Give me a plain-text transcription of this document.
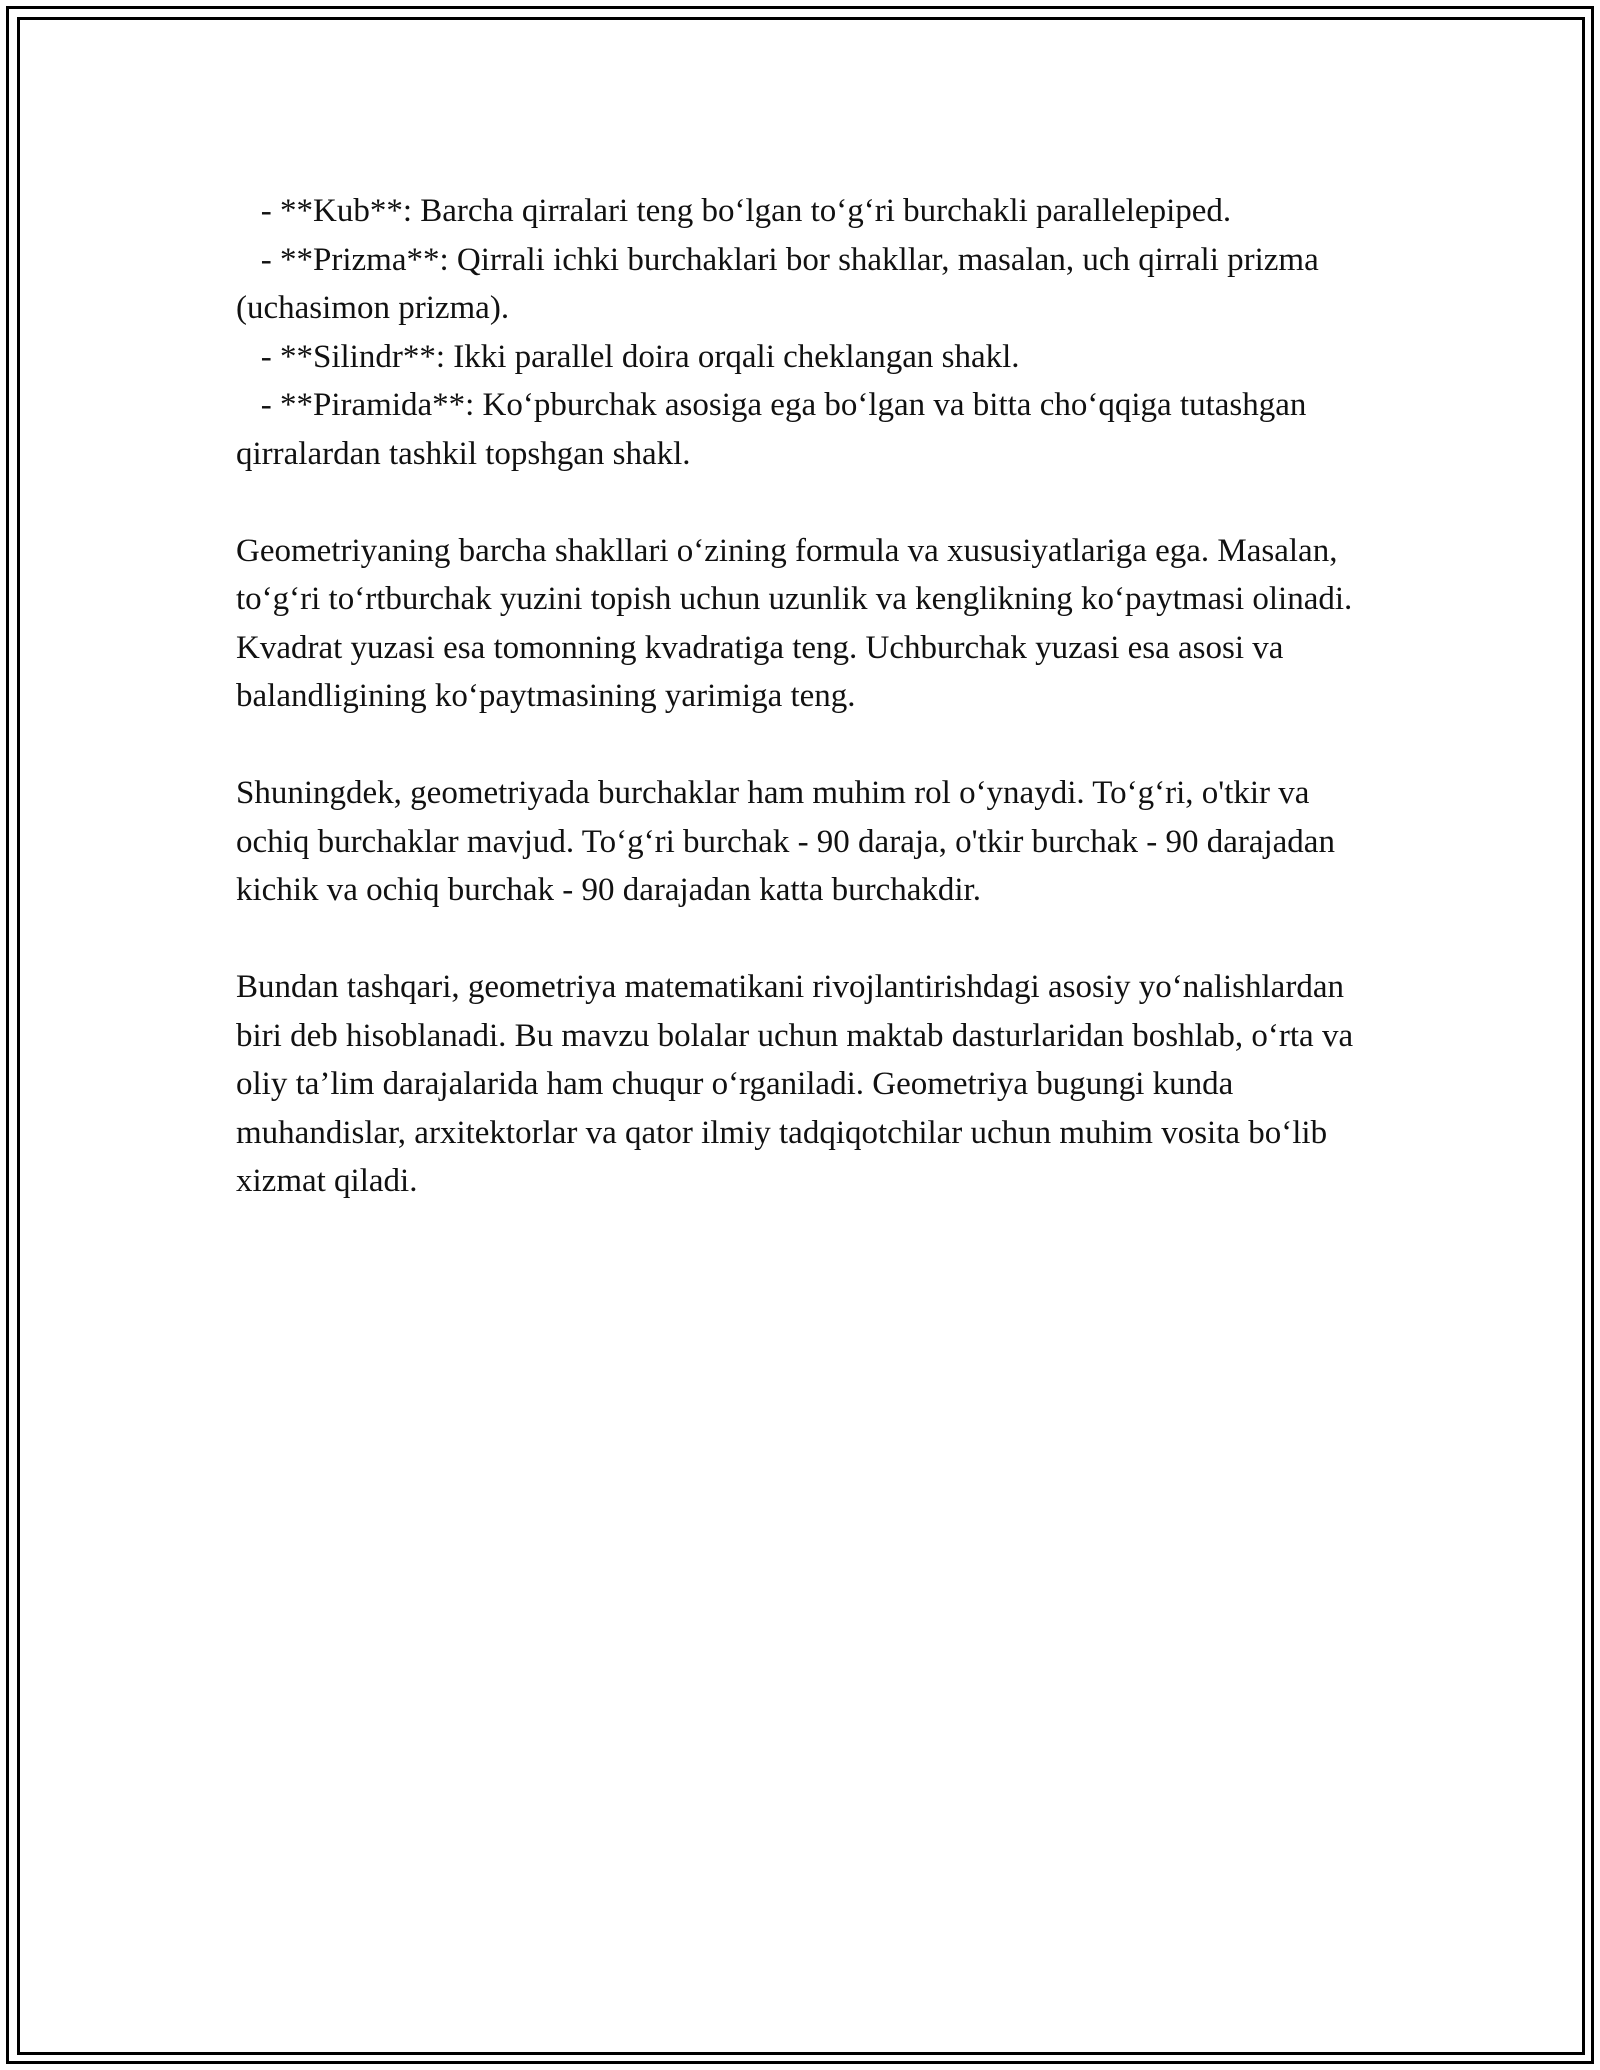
- **Kub**: Barcha qirralari teng bo‘lgan to‘g‘ri burchakli parallelepiped.

- **Prizma**: Qirrali ichki burchaklari bor shakllar, masalan, uch qirrali prizma (uchasimon prizma).

- **Silindr**: Ikki parallel doira orqali cheklangan shakl.

- **Piramida**: Ko‘pburchak asosiga ega bo‘lgan va bitta cho‘qqiga tutashgan qirralardan tashkil topshgan shakl.

Geometriyaning barcha shakllari o‘zining formula va xususiyatlariga ega. Masalan, to‘g‘ri to‘rtburchak yuzini topish uchun uzunlik va kenglikning ko‘paytmasi olinadi. Kvadrat yuzasi esa tomonning kvadratiga teng. Uchburchak yuzasi esa asosi va balandligining ko‘paytmasining yarimiga teng.

Shuningdek, geometriyada burchaklar ham muhim rol o‘ynaydi. To‘g‘ri, o'tkir va ochiq burchaklar mavjud. To‘g‘ri burchak - 90 daraja, o'tkir burchak - 90 darajadan kichik va ochiq burchak - 90 darajadan katta burchakdir.

Bundan tashqari, geometriya matematikani rivojlantirishdagi asosiy yo‘nalishlardan biri deb hisoblanadi. Bu mavzu bolalar uchun maktab dasturlaridan boshlab, o‘rta va oliy ta’lim darajalarida ham chuqur o‘rganiladi. Geometriya bugungi kunda muhandislar, arxitektorlar va qator ilmiy tadqiqotchilar uchun muhim vosita bo‘lib xizmat qiladi.
